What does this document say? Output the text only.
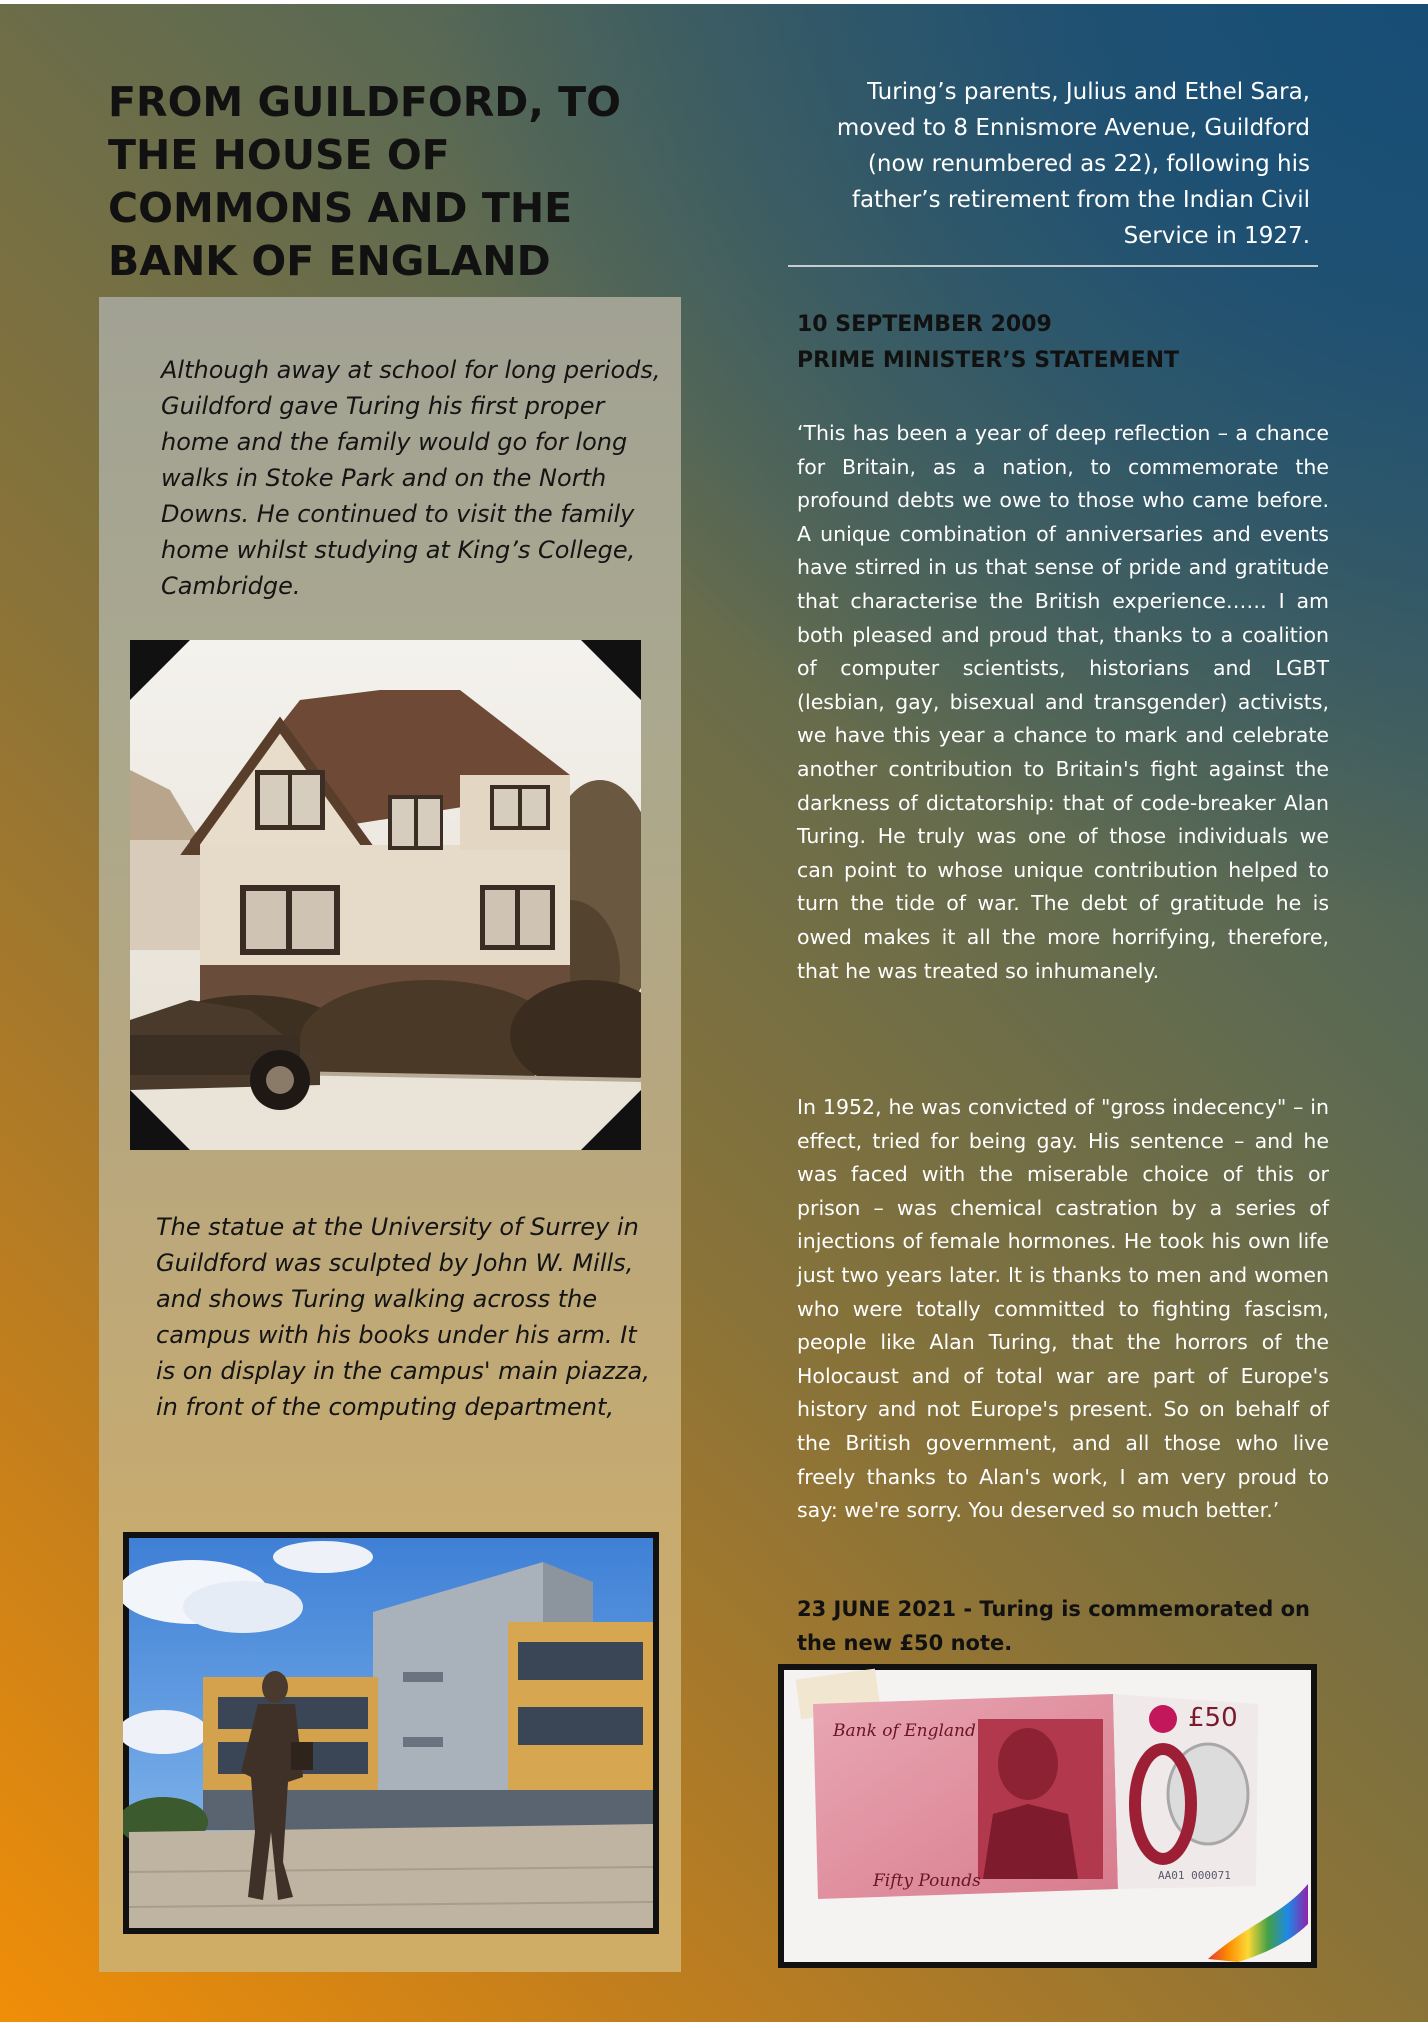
FROM GUILDFORD, TO THE HOUSE OF COMMONS AND THE BANK OF ENGLAND

Although away at school for long periods, Guildford gave Turing his first proper home and the family would go for long walks in Stoke Park and on the North Downs. He continued to visit the family home whilst studying at King’s College, Cambridge.

The statue at the University of Surrey in Guildford was sculpted by John W. Mills, and shows Turing walking across the campus with his books under his arm. It is on display in the campus' main piazza, in front of the computing department,

Turing’s parents, Julius and Ethel Sara, moved to 8 Ennismore Avenue, Guildford (now renumbered as 22), following his father’s retirement from the Indian Civil Service in 1927.

10 SEPTEMBER 2009
PRIME MINISTER’S STATEMENT

‘This has been a year of deep reflection – a chance for Britain, as a nation, to commemorate the profound debts we owe to those who came before. A unique combination of anniversaries and events have stirred in us that sense of pride and gratitude that characterise the British experience…… I am both pleased and proud that, thanks to a coalition of computer scientists, historians and LGBT (lesbian, gay, bisexual and transgender) activists, we have this year a chance to mark and celebrate another contribution to Britain's fight against the darkness of dictatorship: that of code-breaker Alan Turing. He truly was one of those individuals we can point to whose unique contribution helped to turn the tide of war. The debt of gratitude he is owed makes it all the more horrifying, therefore, that he was treated so inhumanely.

In 1952, he was convicted of "gross indecency" – in effect, tried for being gay. His sentence – and he was faced with the miserable choice of this or prison – was chemical castration by a series of injections of female hormones. He took his own life just two years later. It is thanks to men and women who were totally committed to fighting fascism, people like Alan Turing, that the horrors of the Holocaust and of total war are part of Europe's history and not Europe's present. So on behalf of the British government, and all those who live freely thanks to Alan's work, I am very proud to say: we're sorry. You deserved so much better.’

23 JUNE 2021 - Turing is commemorated on the new £50 note.
Bank of England	£50
Fifty Pounds	AA01 000071
